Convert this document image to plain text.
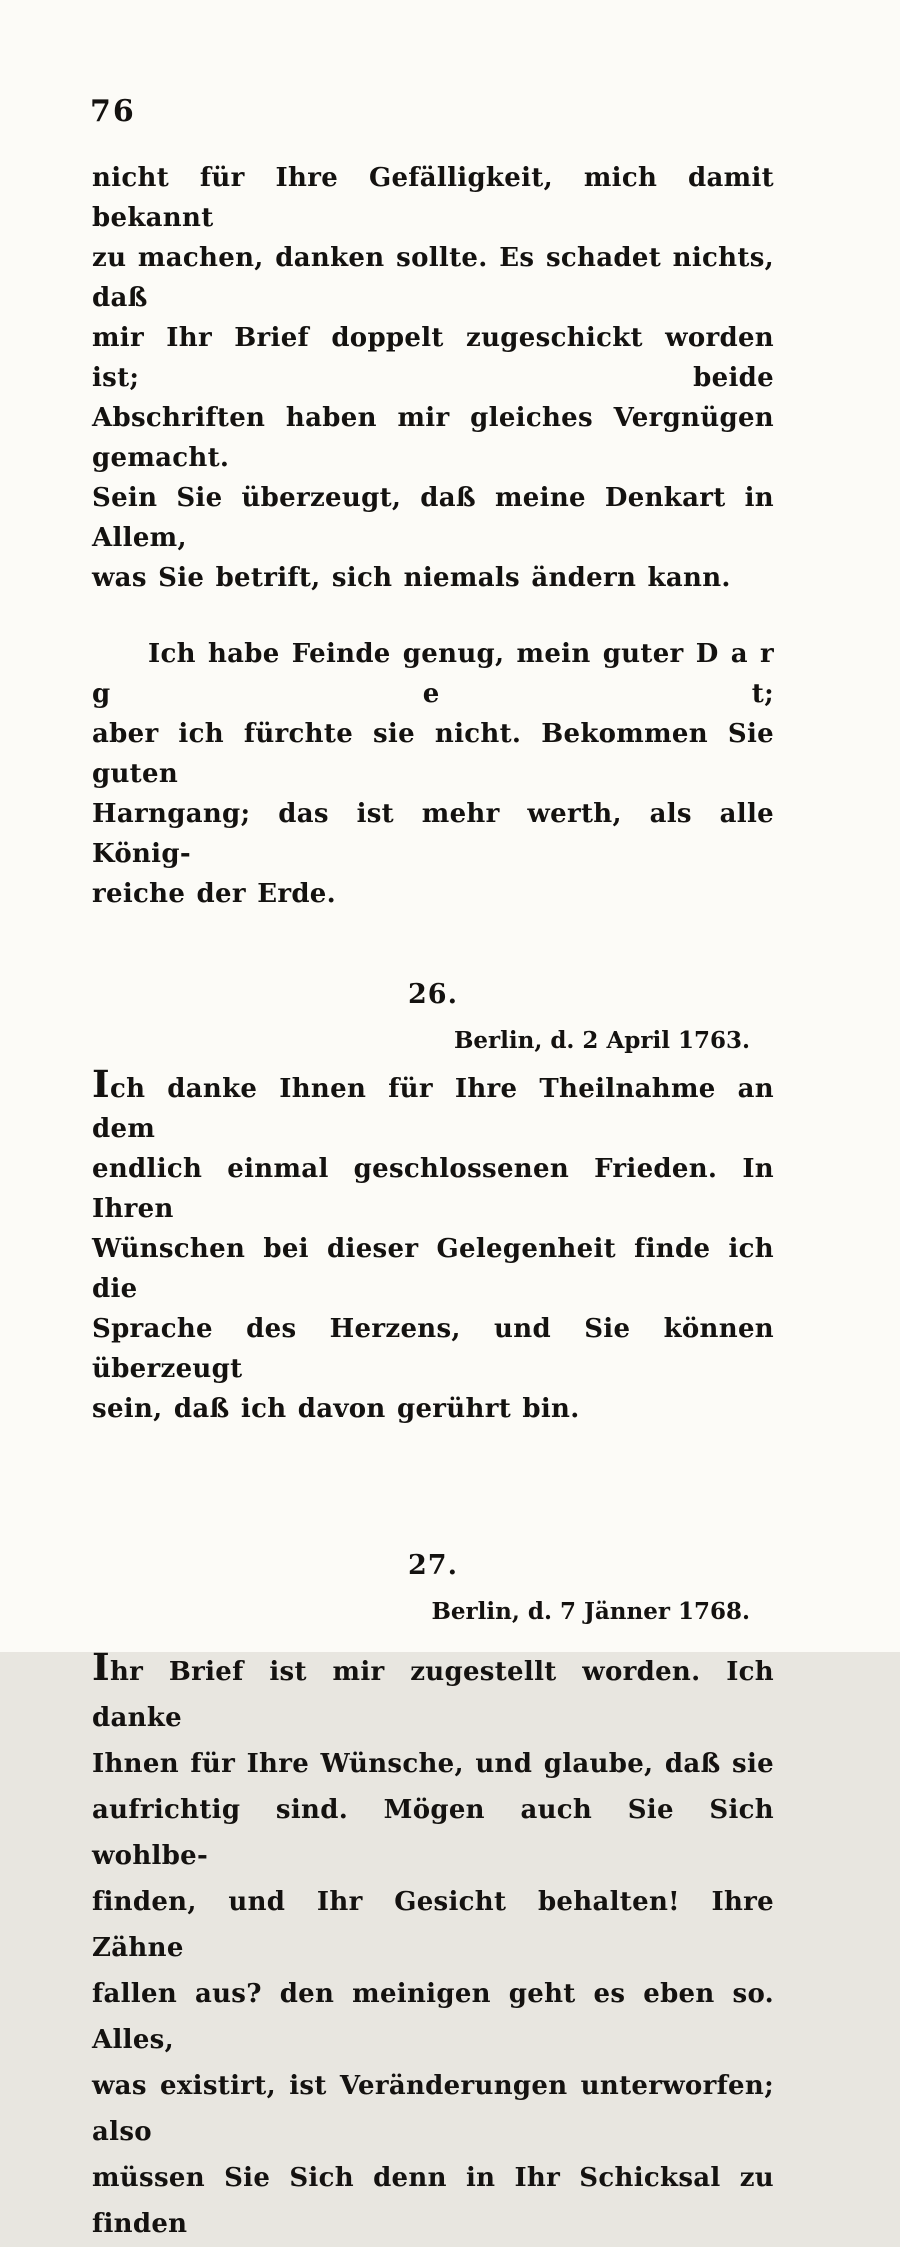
76
nicht für Ihre Gefälligkeit, mich damit bekannt
zu machen, danken sollte. Es schadet nichts, daß
mir Ihr Brief doppelt zugeschickt worden ist; beide
Abschriften haben mir gleiches Vergnügen gemacht.
Sein Sie überzeugt, daß meine Denkart in Allem,
was Sie betrift, sich niemals ändern kann.
Ich habe Feinde genug, mein guter D a r g e t;
aber ich fürchte sie nicht. Bekommen Sie guten
Harngang; das ist mehr werth, als alle König-
reiche der Erde.
26.
Berlin, d. 2 April 1763.
Ich danke Ihnen für Ihre Theilnahme an dem
endlich einmal geschlossenen Frieden. In Ihren
Wünschen bei dieser Gelegenheit finde ich die
Sprache des Herzens, und Sie können überzeugt
sein, daß ich davon gerührt bin.
27.
Berlin, d. 7 Jänner 1768.
Ihr Brief ist mir zugestellt worden. Ich danke
Ihnen für Ihre Wünsche, und glaube, daß sie
aufrichtig sind. Mögen auch Sie Sich wohlbe-
finden, und Ihr Gesicht behalten! Ihre Zähne
fallen aus? den meinigen geht es eben so. Alles,
was existirt, ist Veränderungen unterworfen; also
müssen Sie Sich denn in Ihr Schicksal zu finden
